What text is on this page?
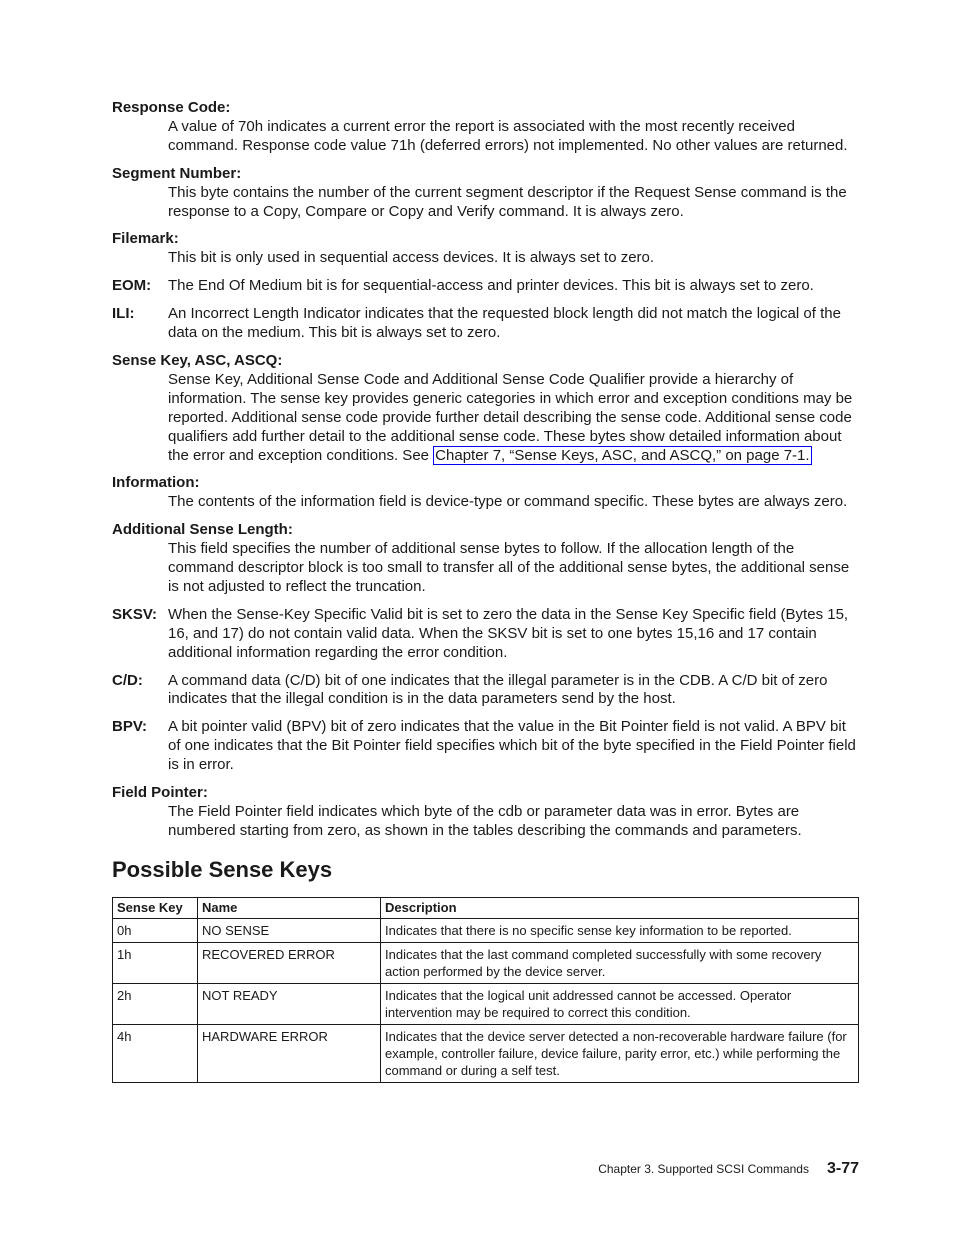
Response Code:
A value of 70h indicates a current error the report is associated with the most recently received command. Response code value 71h (deferred errors) not implemented. No other values are returned.
Segment Number:
This byte contains the number of the current segment descriptor if the Request Sense command is the response to a Copy, Compare or Copy and Verify command. It is always zero.
Filemark:
This bit is only used in sequential access devices. It is always set to zero.
EOM:	The End Of Medium bit is for sequential-access and printer devices. This bit is always set to zero.
ILI:	An Incorrect Length Indicator indicates that the requested block length did not match the logical of the data on the medium. This bit is always set to zero.
Sense Key, ASC, ASCQ:
Sense Key, Additional Sense Code and Additional Sense Code Qualifier provide a hierarchy of information. The sense key provides generic categories in which error and exception conditions may be reported. Additional sense code provide further detail describing the sense code. Additional sense code qualifiers add further detail to the additional sense code. These bytes show detailed information about the error and exception conditions. See Chapter 7, “Sense Keys, ASC, and ASCQ,” on page 7-1.
Information:
The contents of the information field is device-type or command specific. These bytes are always zero.
Additional Sense Length:
This field specifies the number of additional sense bytes to follow. If the allocation length of the command descriptor block is too small to transfer all of the additional sense bytes, the additional sense is not adjusted to reflect the truncation.
SKSV: When the Sense-Key Specific Valid bit is set to zero the data in the Sense Key Specific field (Bytes 15, 16, and 17) do not contain valid data. When the SKSV bit is set to one bytes 15,16 and 17 contain additional information regarding the error condition.
C/D:	A command data (C/D) bit of one indicates that the illegal parameter is in the CDB. A C/D bit of zero indicates that the illegal condition is in the data parameters send by the host.
BPV:	A bit pointer valid (BPV) bit of zero indicates that the value in the Bit Pointer field is not valid. A BPV bit of one indicates that the Bit Pointer field specifies which bit of the byte specified in the Field Pointer field is in error.
Field Pointer:
The Field Pointer field indicates which byte of the cdb or parameter data was in error. Bytes are numbered starting from zero, as shown in the tables describing the commands and parameters.
Possible Sense Keys
Sense Key	Name	Description
0h	NO SENSE	Indicates that there is no specific sense key information to be reported.
1h	RECOVERED ERROR	Indicates that the last command completed successfully with some recovery action performed by the device server.
2h	NOT READY	Indicates that the logical unit addressed cannot be accessed. Operator intervention may be required to correct this condition.
4h	HARDWARE ERROR	Indicates that the device server detected a non-recoverable hardware failure (for example, controller failure, device failure, parity error, etc.) while performing the command or during a self test.
Chapter 3. Supported SCSI Commands 3-77
